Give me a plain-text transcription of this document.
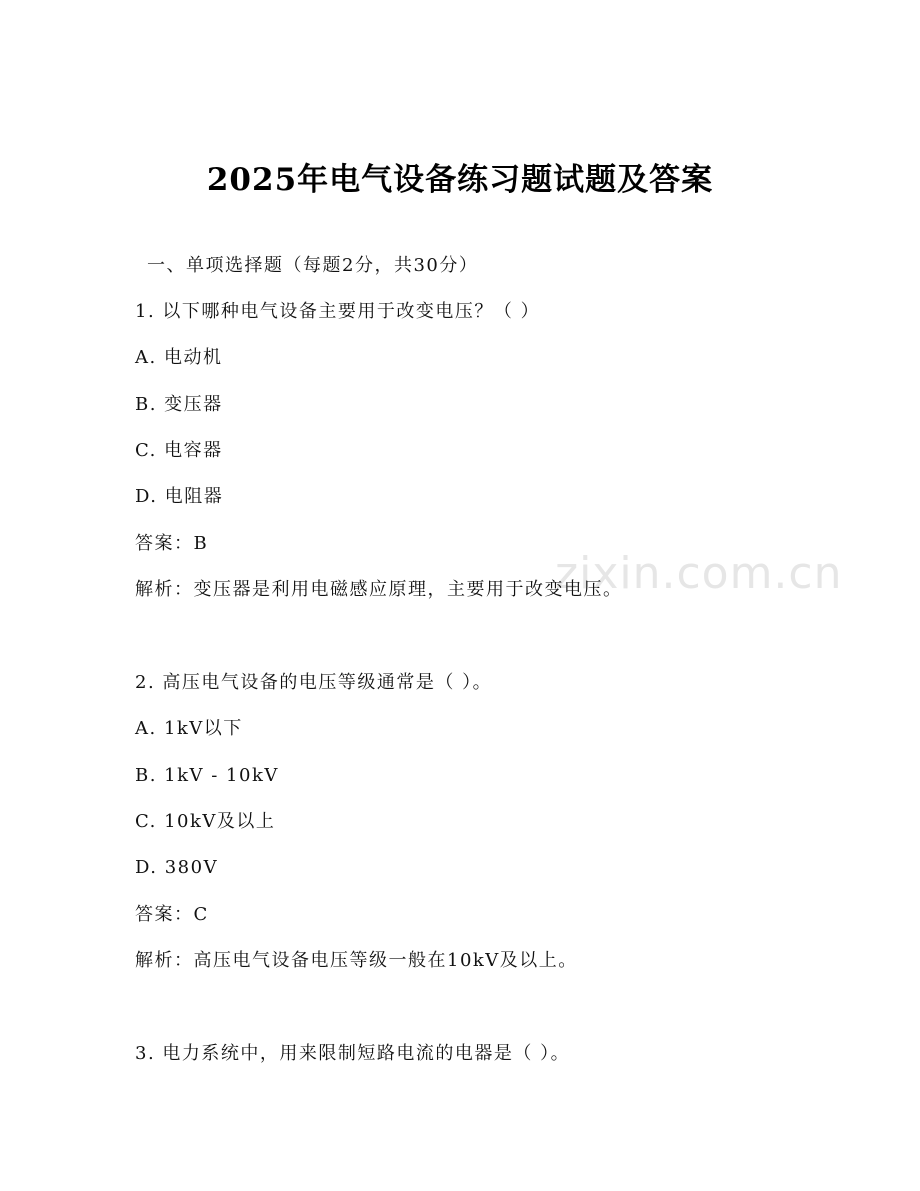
zixin.com.cn
2025年电气设备练习题试题及答案
一、单项选择题（每题2分，共30分）
1. 以下哪种电气设备主要用于改变电压？（ ）
A. 电动机
B. 变压器
C. 电容器
D. 电阻器
答案：B
解析：变压器是利用电磁感应原理，主要用于改变电压。
2. 高压电气设备的电压等级通常是（ ）。
A. 1kV以下
B. 1kV - 10kV
C. 10kV及以上
D. 380V
答案：C
解析：高压电气设备电压等级一般在10kV及以上。
3. 电力系统中，用来限制短路电流的电器是（ ）。
